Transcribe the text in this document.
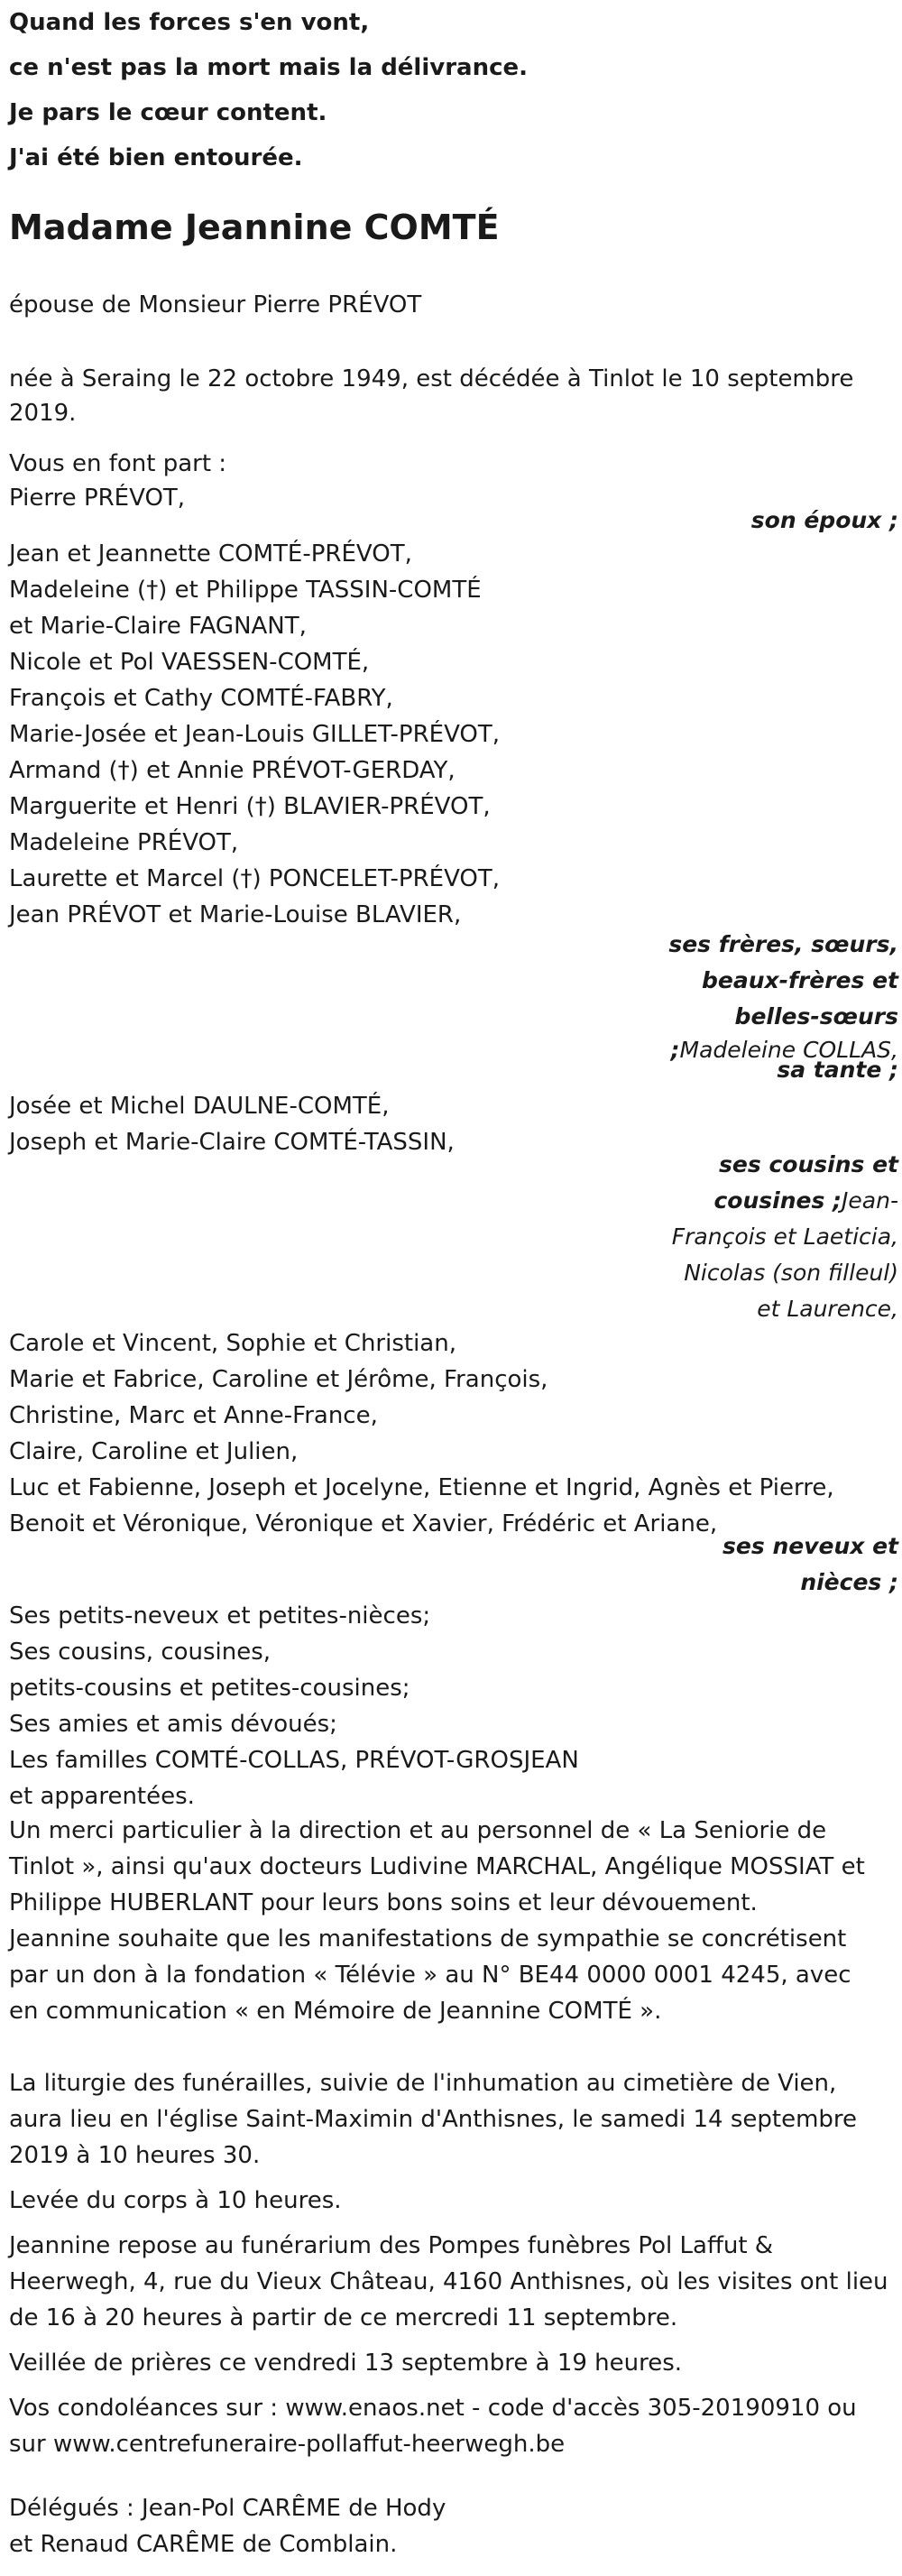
Quand les forces s'en vont,
ce n'est pas la mort mais la délivrance.
Je pars le cœur content.
J'ai été bien entourée.
Madame Jeannine COMTÉ
épouse de Monsieur Pierre PRÉVOT
née à Seraing le 22 octobre 1949, est décédée à Tinlot le 10 septembre
2019.
Vous en font part :
Pierre PRÉVOT,
son époux ;
Jean et Jeannette COMTÉ-PRÉVOT,
Madeleine (†) et Philippe TASSIN-COMTÉ
et Marie-Claire FAGNANT,
Nicole et Pol VAESSEN-COMTÉ,
François et Cathy COMTÉ-FABRY,
Marie-Josée et Jean-Louis GILLET-PRÉVOT,
Armand (†) et Annie PRÉVOT-GERDAY,
Marguerite et Henri (†) BLAVIER-PRÉVOT,
Madeleine PRÉVOT,
Laurette et Marcel (†) PONCELET-PRÉVOT,
Jean PRÉVOT et Marie-Louise BLAVIER,
ses frères, sœurs,
beaux-frères et
belles-sœurs
;Madeleine COLLAS,
sa tante ;
Josée et Michel DAULNE-COMTÉ,
Joseph et Marie-Claire COMTÉ-TASSIN,
ses cousins et
cousines ;Jean-
François et Laeticia,
Nicolas (son filleul)
et Laurence,
Carole et Vincent, Sophie et Christian,
Marie et Fabrice, Caroline et Jérôme, François,
Christine, Marc et Anne-France,
Claire, Caroline et Julien,
Luc et Fabienne, Joseph et Jocelyne, Etienne et Ingrid, Agnès et Pierre,
Benoit et Véronique, Véronique et Xavier, Frédéric et Ariane,
ses neveux et
nièces ;
Ses petits-neveux et petites-nièces;
Ses cousins, cousines,
petits-cousins et petites-cousines;
Ses amies et amis dévoués;
Les familles COMTÉ-COLLAS, PRÉVOT-GROSJEAN
et apparentées.
Un merci particulier à la direction et au personnel de « La Seniorie de
Tinlot », ainsi qu'aux docteurs Ludivine MARCHAL, Angélique MOSSIAT et
Philippe HUBERLANT pour leurs bons soins et leur dévouement.
Jeannine souhaite que les manifestations de sympathie se concrétisent
par un don à la fondation « Télévie » au N° BE44 0000 0001 4245, avec
en communication « en Mémoire de Jeannine COMTÉ ».
La liturgie des funérailles, suivie de l'inhumation au cimetière de Vien,
aura lieu en l'église Saint-Maximin d'Anthisnes, le samedi 14 septembre
2019 à 10 heures 30.
Levée du corps à 10 heures.
Jeannine repose au funérarium des Pompes funèbres Pol Laffut &
Heerwegh, 4, rue du Vieux Château, 4160 Anthisnes, où les visites ont lieu
de 16 à 20 heures à partir de ce mercredi 11 septembre.
Veillée de prières ce vendredi 13 septembre à 19 heures.
Vos condoléances sur : www.enaos.net - code d'accès 305-20190910 ou
sur www.centrefuneraire-pollaffut-heerwegh.be
Délégués : Jean-Pol CARÊME de Hody
et Renaud CARÊME de Comblain.
